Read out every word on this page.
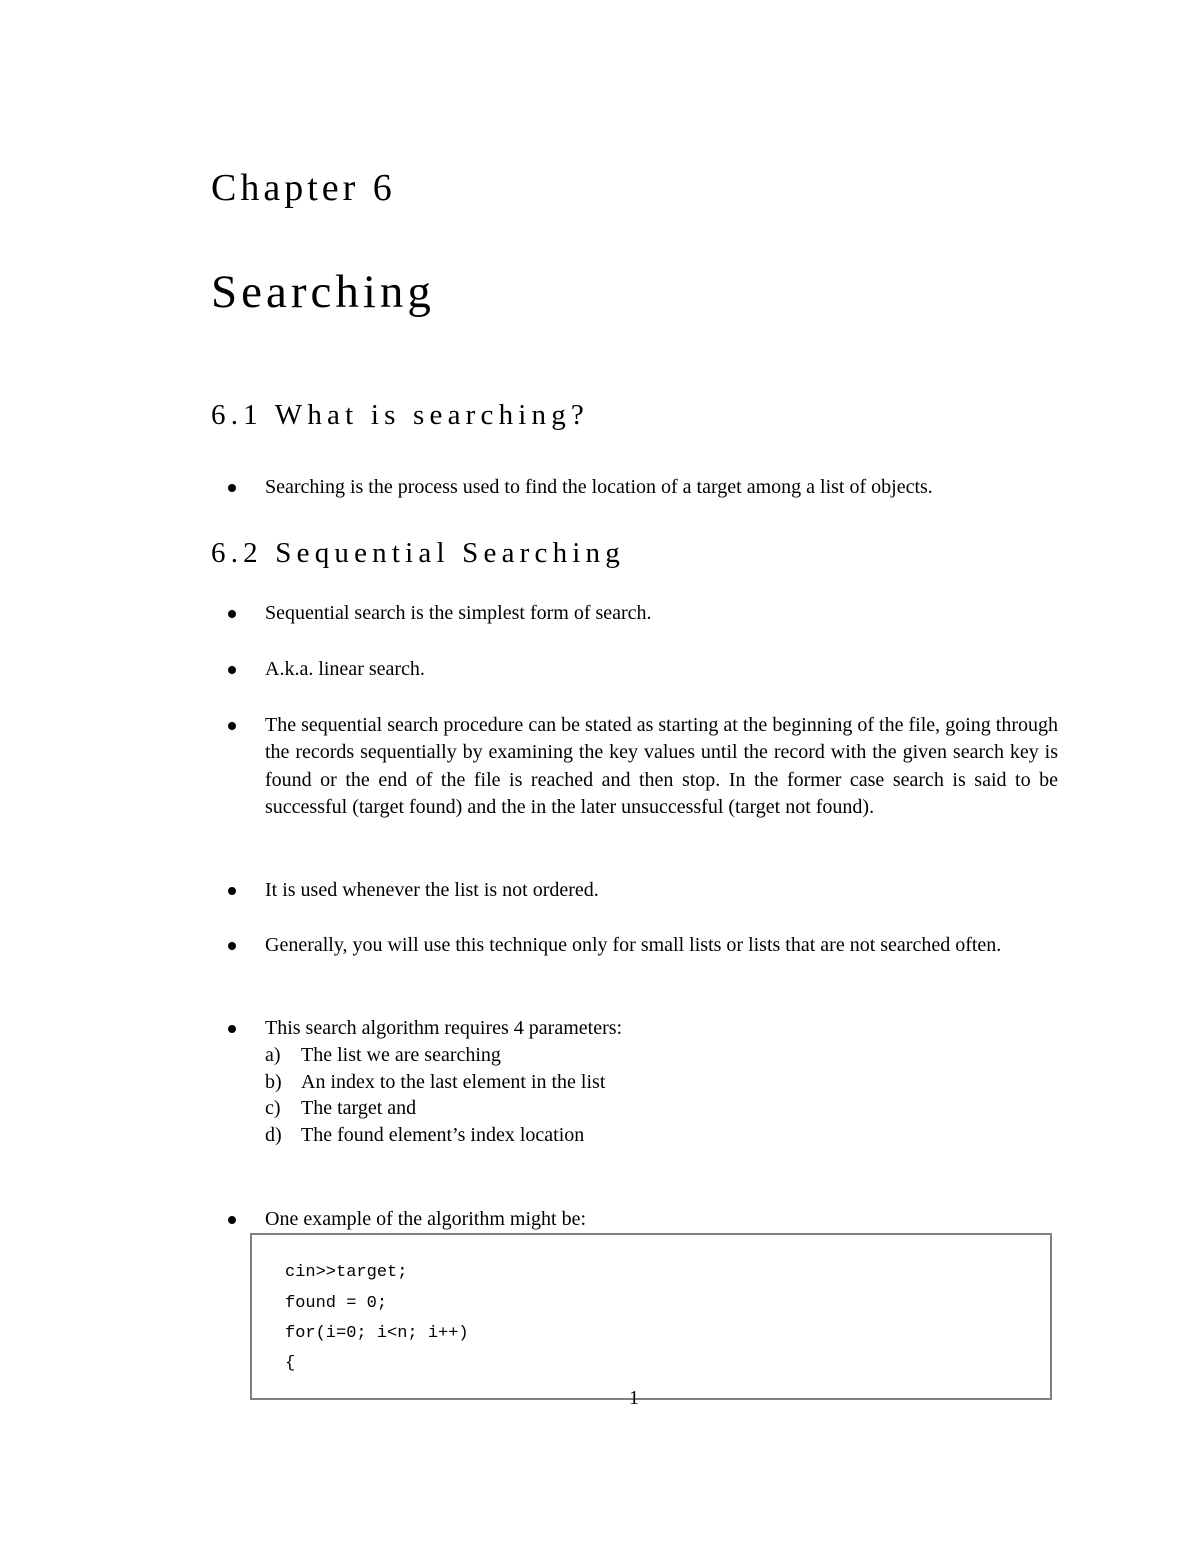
Chapter 6
Searching
6.1 What is searching?
Searching is the process used to find the location of a target among a list of objects.
6.2 Sequential Searching
Sequential search is the simplest form of search.
A.k.a. linear search.
The sequential search procedure can be stated as starting at the beginning of the file, going through the records sequentially by examining the key values until the record with the given search key is found or the end of the file is reached and then stop. In the former case search is said to be successful (target found) and the in the later unsuccessful (target not found).
It is used whenever the list is not ordered.
Generally, you will use this technique only for small lists or lists that are not searched often.
This search algorithm requires 4 parameters:
a) The list we are searching
b) An index to the last element in the list
c) The target and
d) The found element’s index location
One example of the algorithm might be:
cin>>target;
found = 0;
for(i=0; i<n; i++)
{
1
